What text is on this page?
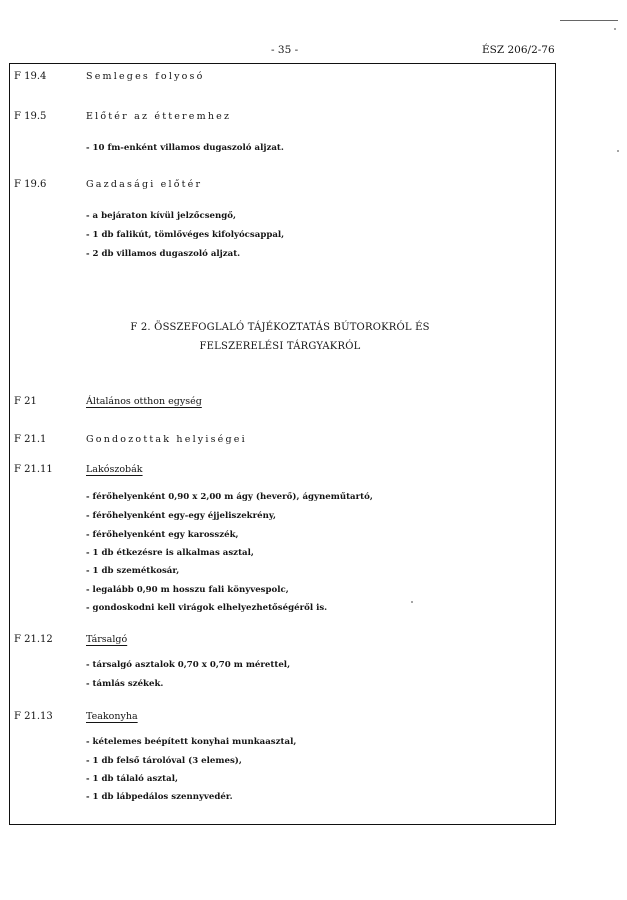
- 35 -	ÉSZ 206/2-76
F 19.4	Semleges folyosó
F 19.5	Előtér az étteremhez
- 10 fm-enként villamos dugaszoló aljzat.
F 19.6	Gazdasági előtér
- a bejáraton kívül jelzőcsengő,
- 1 db falikút, tömlővéges kifolyócsappal,
- 2 db villamos dugaszoló aljzat.
F 2. ÖSSZEFOGLALÓ TÁJÉKOZTATÁS BÚTOROKRÓL ÉS
FELSZERELÉSI TÁRGYAKRÓL
F 21	Általános otthon egység
F 21.1	Gondozottak helyiségei
F 21.11	Lakószobák
- férőhelyenként 0,90 x 2,00 m ágy (heverő), ágyneműtartó,
- férőhelyenként egy-egy éjjeliszekrény,
- férőhelyenként egy karosszék,
- 1 db étkezésre is alkalmas asztal,
- 1 db szemétkosár,
- legalább 0,90 m hosszu fali könyvespolc,
- gondoskodni kell virágok elhelyezhetőségéről is.
F 21.12	Társalgó
- társalgó asztalok 0,70 x 0,70 m mérettel,
- támlás székek.
F 21.13	Teakonyha
- kételemes beépített konyhai munkaasztal,
- 1 db felső tárolóval (3 elemes),
- 1 db tálaló asztal,
- 1 db lábpedálos szennyvedér.
